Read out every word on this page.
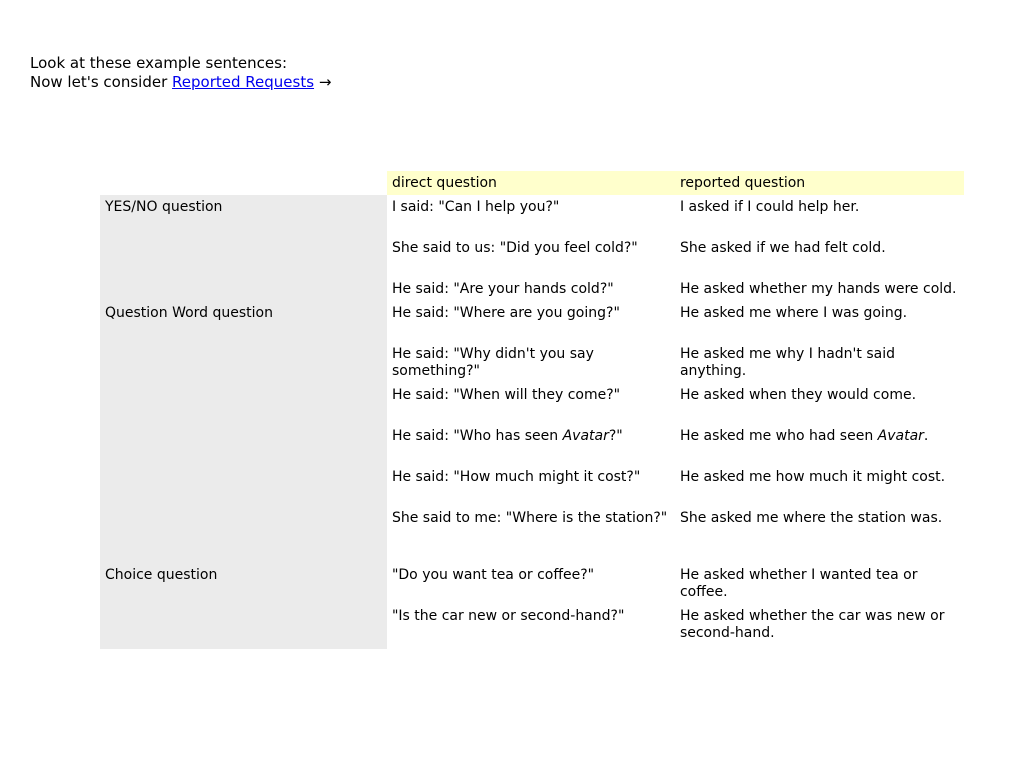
Look at these example sentences:
Now let's consider Reported Requests →
	direct question	reported question
YES/NO question	I said: "Can I help you?"	I asked if I could help her.
	She said to us: "Did you feel cold?"	She asked if we had felt cold.
	He said: "Are your hands cold?"	He asked whether my hands were cold.
Question Word question	He said: "Where are you going?"	He asked me where I was going.
	He said: "Why didn't you say something?"	He asked me why I hadn't said anything.
	He said: "When will they come?"	He asked when they would come.
	He said: "Who has seen Avatar?"	He asked me who had seen Avatar.
	He said: "How much might it cost?"	He asked me how much it might cost.
	She said to me: "Where is the station?"	She asked me where the station was.
Choice question	"Do you want tea or coffee?"	He asked whether I wanted tea or coffee.
	"Is the car new or second-hand?"	He asked whether the car was new or second-hand.
